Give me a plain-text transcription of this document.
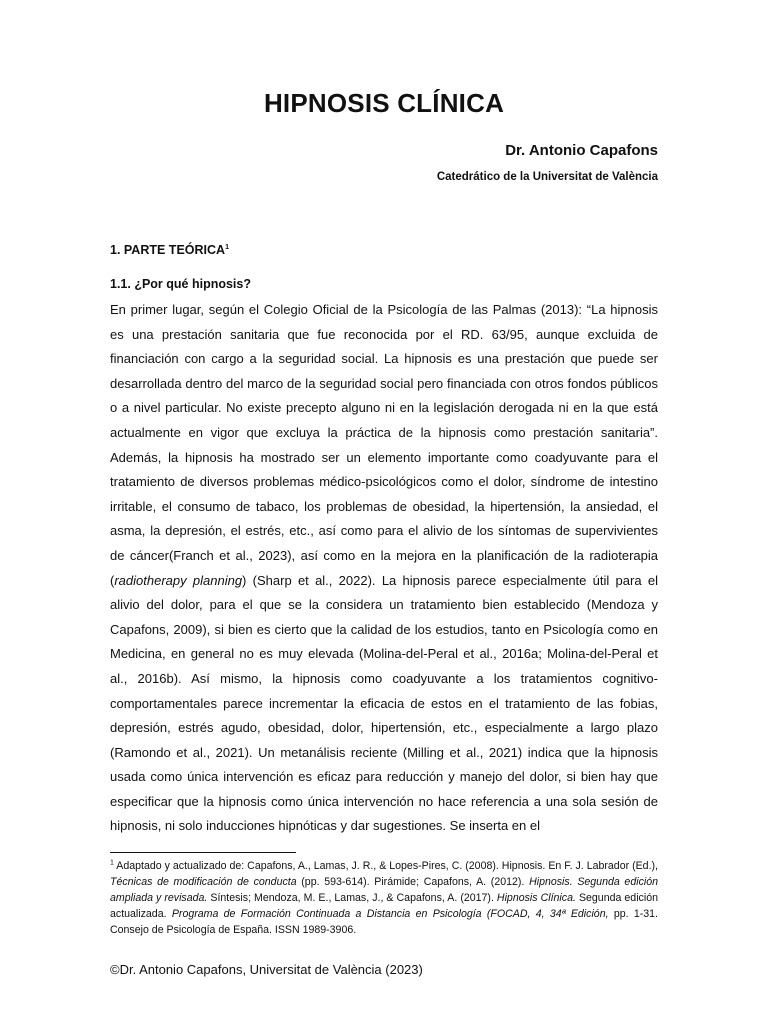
HIPNOSIS CLÍNICA
Dr. Antonio Capafons
Catedrático de la Universitat de València
1. PARTE TEÓRICA$^1$
1.1. ¿Por qué hipnosis?

En primer lugar, según el Colegio Oficial de la Psicología de las Palmas (2013): “La hipnosis es una prestación sanitaria que fue reconocida por el RD. 63/95, aunque excluida de financiación con cargo a la seguridad social. La hipnosis es una prestación que puede ser desarrollada dentro del marco de la seguridad social pero financiada con otros fondos públicos o a nivel particular. No existe precepto alguno ni en la legislación derogada ni en la que está actualmente en vigor que excluya la práctica de la hipnosis como prestación sanitaria”. Además, la hipnosis ha mostrado ser un elemento importante como coadyuvante para el tratamiento de diversos problemas médico-psicológicos como el dolor, síndrome de intestino irritable, el consumo de tabaco, los problemas de obesidad, la hipertensión, la ansiedad, el asma, la depresión, el estrés, etc., así como para el alivio de los síntomas de supervivientes de cáncer(Franch et al., 2023), así como en la mejora en la planificación de la radioterapia (radiotherapy planning) (Sharp et al., 2022). La hipnosis parece especialmente útil para el alivio del dolor, para el que se la considera un tratamiento bien establecido (Mendoza y Capafons, 2009), si bien es cierto que la calidad de los estudios, tanto en Psicología como en Medicina, en general no es muy elevada (Molina-del-Peral et al., 2016a; Molina-del-Peral et al., 2016b). Así mismo, la hipnosis como coadyuvante a los tratamientos cognitivo-comportamentales parece incrementar la eficacia de estos en el tratamiento de las fobias, depresión, estrés agudo, obesidad, dolor, hipertensión, etc., especialmente a largo plazo (Ramondo et al., 2021). Un metanálisis reciente (Milling et al., 2021) indica que la hipnosis usada como única intervención es eficaz para reducción y manejo del dolor, si bien hay que especificar que la hipnosis como única intervención no hace referencia a una sola sesión de hipnosis, ni solo inducciones hipnóticas y dar sugestiones. Se inserta en el

$^1$ Adaptado y actualizado de: Capafons, A., Lamas, J. R., & Lopes-Pires, C. (2008). Hipnosis. En F. J. Labrador (Ed.), Técnicas de modificación de conducta (pp. 593-614). Pirámide; Capafons, A. (2012). Hipnosis. Segunda edición ampliada y revisada. Síntesis; Mendoza, M. E., Lamas, J., & Capafons, A. (2017). Hipnosis Clínica. Segunda edición actualizada. Programa de Formación Continuada a Distancia en Psicología (FOCAD, 4, 34ª Edición, pp. 1-31. Consejo de Psicología de España. ISSN 1989-3906.

©Dr. Antonio Capafons, Universitat de València (2023)
